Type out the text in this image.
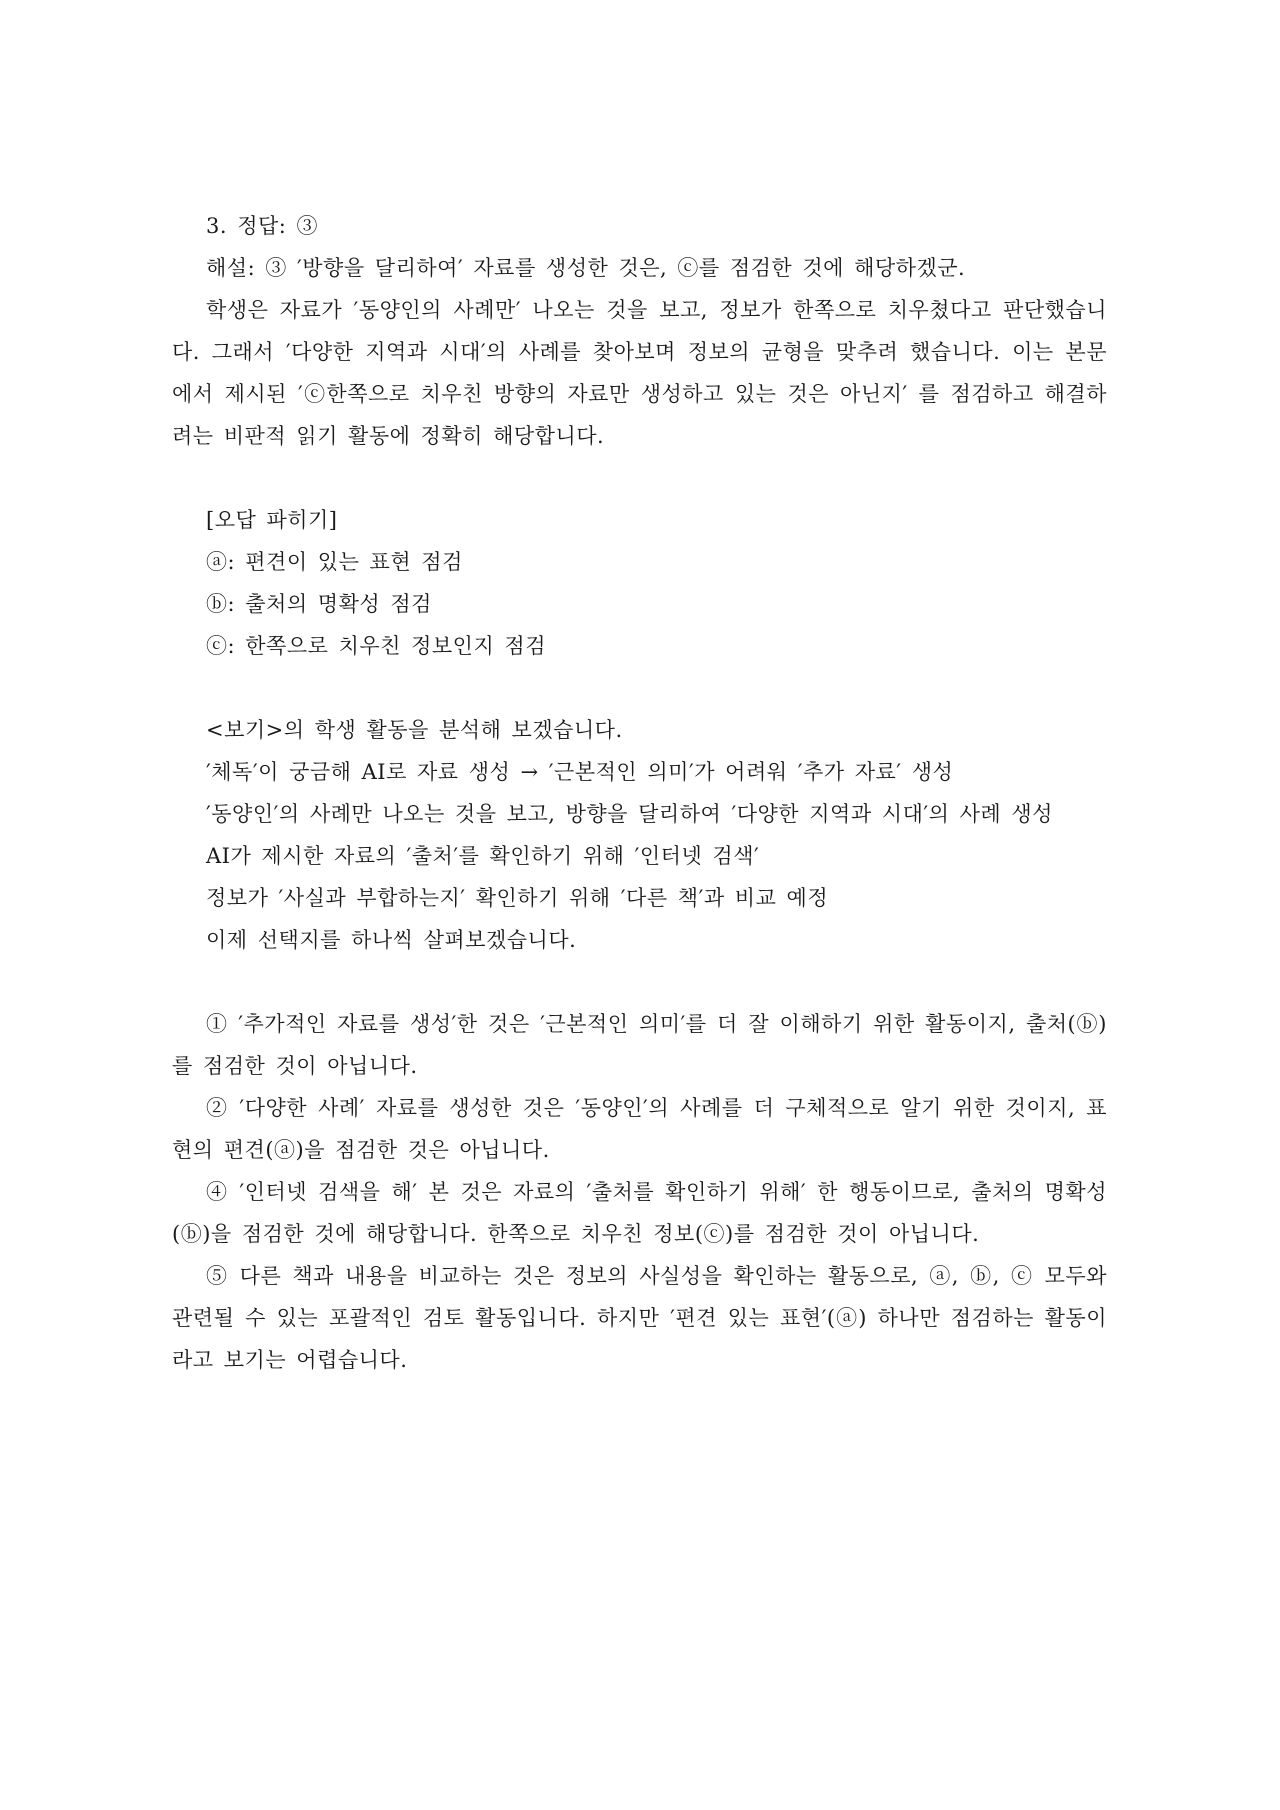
3. 정답: ③

해설: ③ ′방향을 달리하여′ 자료를 생성한 것은, ⓒ를 점검한 것에 해당하겠군.

학생은 자료가 ′동양인의 사례만′ 나오는 것을 보고, 정보가 한쪽으로 치우쳤다고 판단했습니다. 그래서 ′다양한 지역과 시대′의 사례를 찾아보며 정보의 균형을 맞추려 했습니다. 이는 본문에서 제시된 ′ⓒ한쪽으로 치우친 방향의 자료만 생성하고 있는 것은 아닌지′ 를 점검하고 해결하려는 비판적 읽기 활동에 정확히 해당합니다.

[오답 파히기]

ⓐ: 편견이 있는 표현 점검

ⓑ: 출처의 명확성 점검

ⓒ: 한쪽으로 치우친 정보인지 점검

<보기>의 학생 활동을 분석해 보겠습니다.

′체독′이 궁금해 AI로 자료 생성 → ′근본적인 의미′가 어려워 ′추가 자료′ 생성

′동양인′의 사례만 나오는 것을 보고, 방향을 달리하여 ′다양한 지역과 시대′의 사례 생성

AI가 제시한 자료의 ′출처′를 확인하기 위해 ′인터넷 검색′

정보가 ′사실과 부합하는지′ 확인하기 위해 ′다른 책′과 비교 예정

이제 선택지를 하나씩 살펴보겠습니다.

① ′추가적인 자료를 생성′한 것은 ′근본적인 의미′를 더 잘 이해하기 위한 활동이지, 출처(ⓑ)를 점검한 것이 아닙니다.

② ′다양한 사례′ 자료를 생성한 것은 ′동양인′의 사례를 더 구체적으로 알기 위한 것이지, 표현의 편견(ⓐ)을 점검한 것은 아닙니다.

④ ′인터넷 검색을 해′ 본 것은 자료의 ′출처를 확인하기 위해′ 한 행동이므로, 출처의 명확성(ⓑ)을 점검한 것에 해당합니다. 한쪽으로 치우친 정보(ⓒ)를 점검한 것이 아닙니다.

⑤ 다른 책과 내용을 비교하는 것은 정보의 사실성을 확인하는 활동으로, ⓐ, ⓑ, ⓒ 모두와 관련될 수 있는 포괄적인 검토 활동입니다. 하지만 ′편견 있는 표현′(ⓐ) 하나만 점검하는 활동이라고 보기는 어렵습니다.
